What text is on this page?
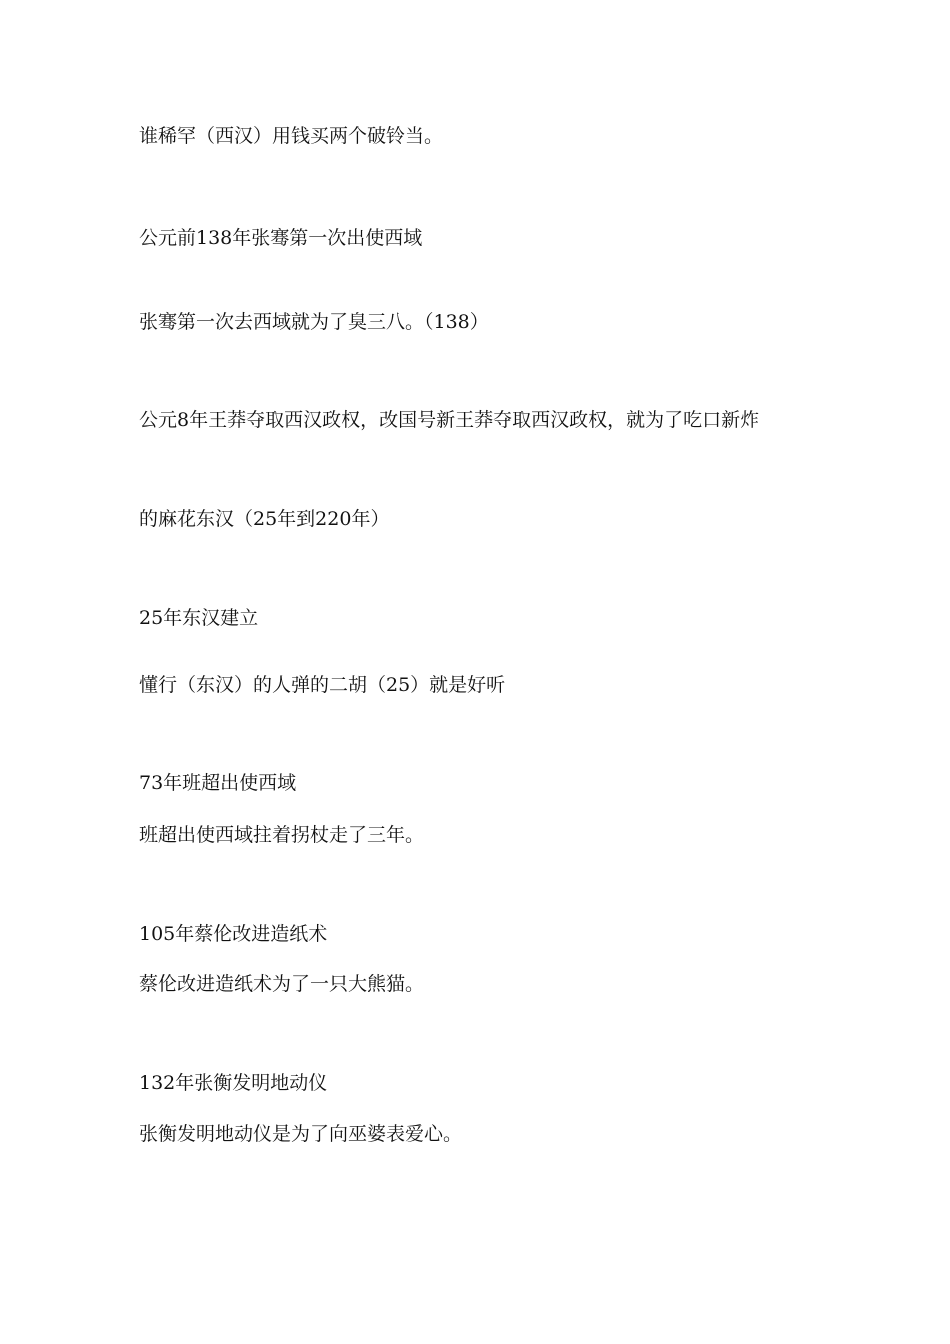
谁稀罕（西汉）用钱买两个破铃当。

公元前138年张骞第一次出使西域

张骞第一次去西域就为了臭三八。（138）

公元8年王莽夺取西汉政权，改国号新王莽夺取西汉政权，就为了吃口新炸

的麻花东汉（25年到220年）

25年东汉建立

懂行（东汉）的人弹的二胡（25）就是好听

73年班超出使西域

班超出使西域拄着拐杖走了三年。

105年蔡伦改进造纸术

蔡伦改进造纸术为了一只大熊猫。

132年张衡发明地动仪

张衡发明地动仪是为了向巫婆表爱心。
